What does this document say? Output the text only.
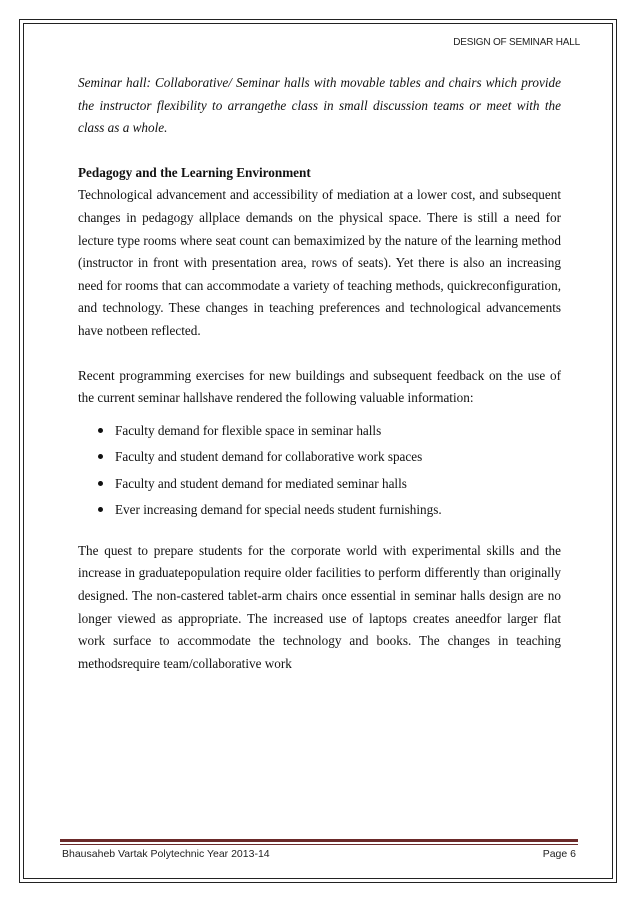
DESIGN OF SEMINAR HALL

Seminar hall: Collaborative/ Seminar halls with movable tables and chairs which provide the instructor flexibility to arrangethe class in small discussion teams or meet with the class as a whole.

Pedagogy and the Learning Environment

Technological advancement and accessibility of mediation at a lower cost, and subsequent changes in pedagogy allplace demands on the physical space. There is still a need for lecture type rooms where seat count can bemaximized by the nature of the learning method (instructor in front with presentation area, rows of seats). Yet there is also an increasing need for rooms that can accommodate a variety of teaching methods, quickreconfiguration, and technology. These changes in teaching preferences and technological advancements have notbeen reflected.

Recent programming exercises for new buildings and subsequent feedback on the use of the current seminar hallshave rendered the following valuable information:

Faculty demand for flexible space in seminar halls
Faculty and student demand for collaborative work spaces
Faculty and student demand for mediated seminar halls
Ever increasing demand for special needs student furnishings.

The quest to prepare students for the corporate world with experimental skills and the increase in graduatepopulation require older facilities to perform differently than originally designed. The non-castered tablet-arm chairs once essential in seminar halls design are no longer viewed as appropriate. The increased use of laptops creates aneedfor larger flat work surface to accommodate the technology and books. The changes in teaching methodsrequire team/collaborative work

Bhausaheb Vartak Polytechnic Year 2013-14	Page 6
